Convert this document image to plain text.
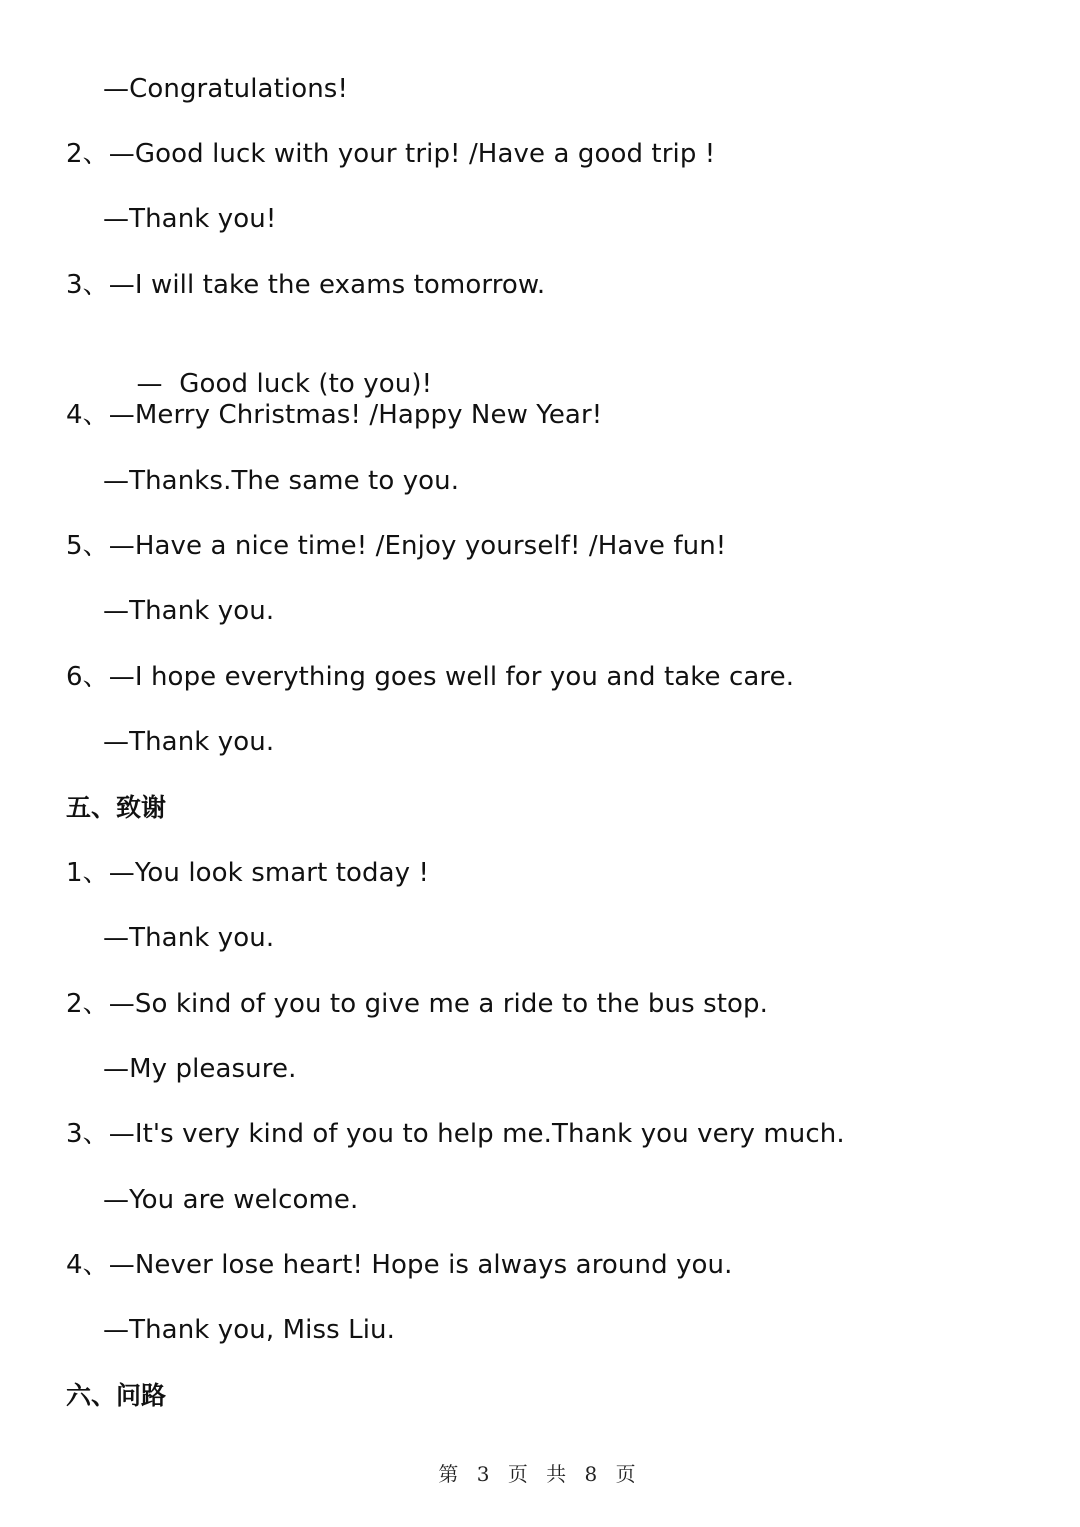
—Congratulations!
2、—Good luck with your trip! /Have a good trip !
—Thank you!
3、—I will take the exams tomorrow.

—  Good luck (to you)!

4、—Merry Christmas! /Happy New Year!
—Thanks.The same to you.
5、—Have a nice time! /Enjoy yourself! /Have fun!
—Thank you.
6、—I hope everything goes well for you and take care.
—Thank you.
五、致谢
1、—You look smart today !
—Thank you.
2、—So kind of you to give me a ride to the bus stop.
—My pleasure.
3、—It's very kind of you to help me.Thank you very much.
—You are welcome.
4、—Never lose heart! Hope is always around you.
—Thank you, Miss Liu.
六、问路
第 3 页 共 8 页
